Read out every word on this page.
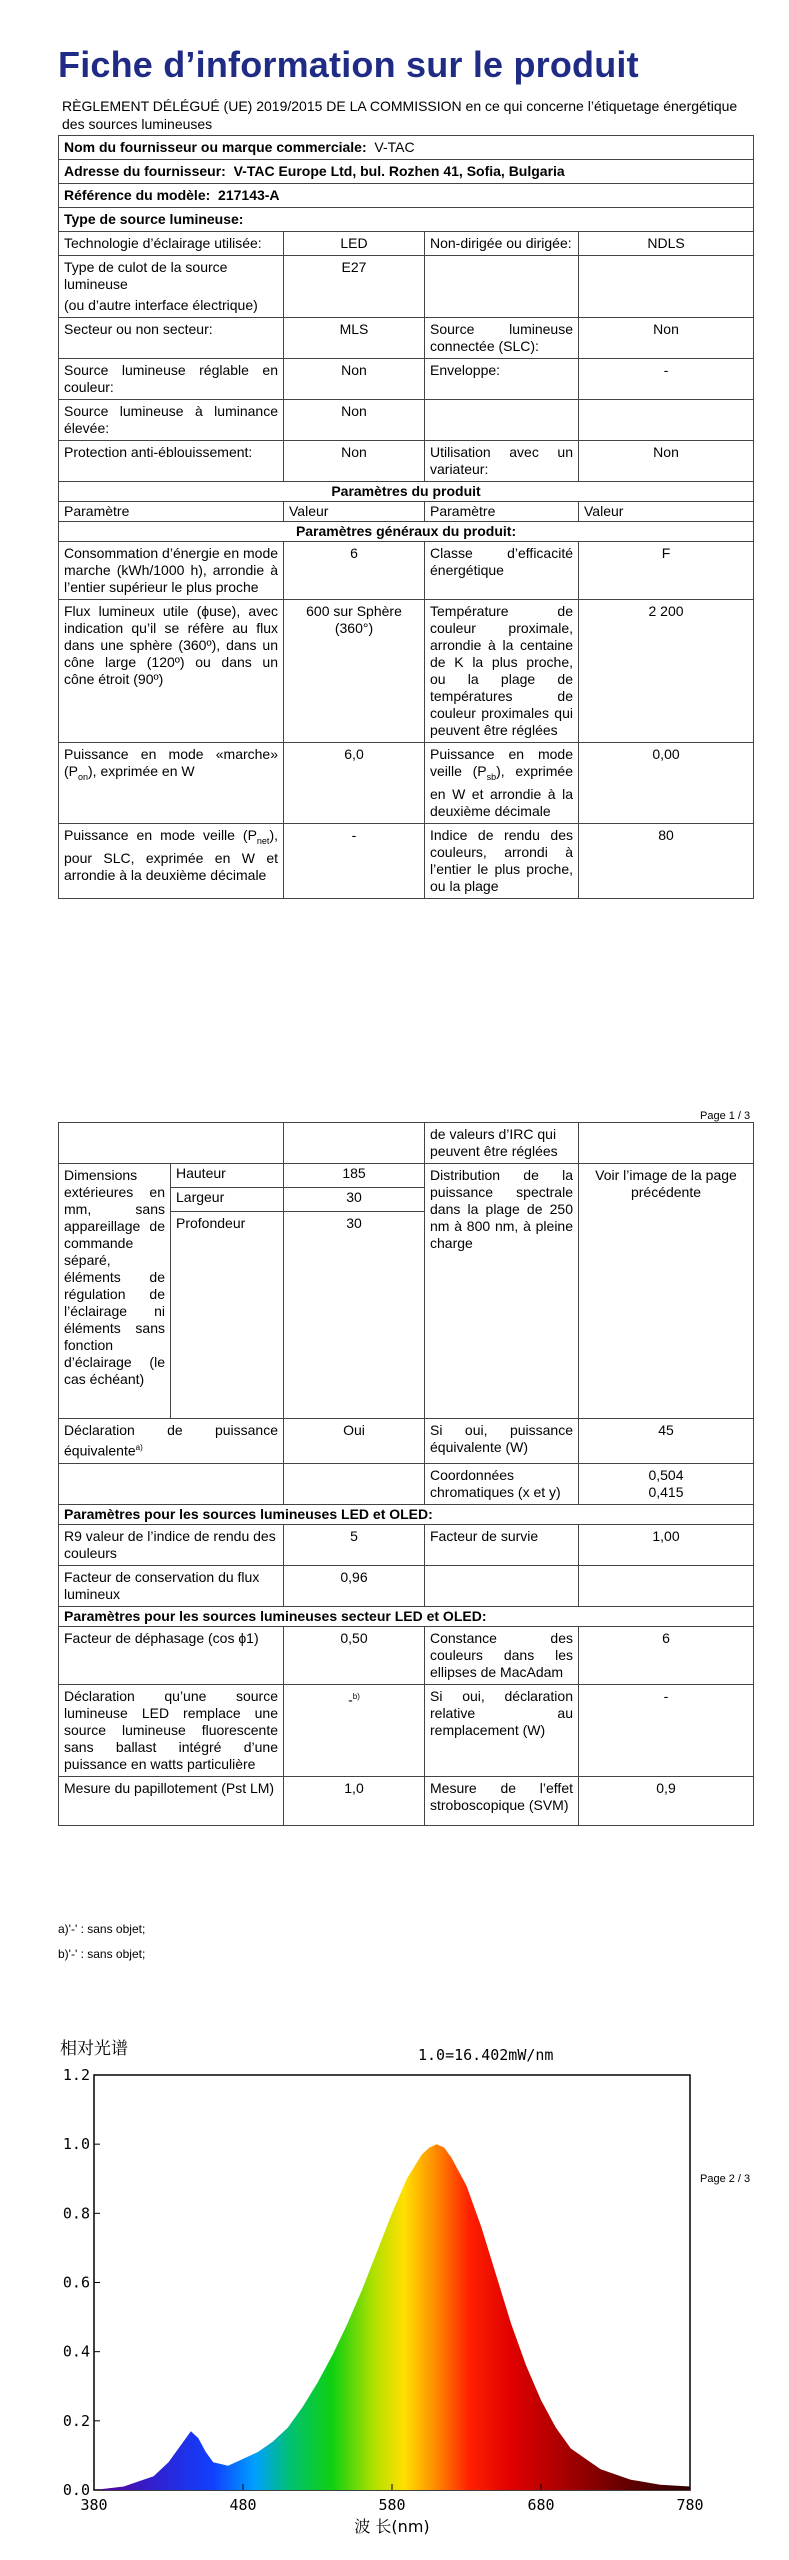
Fiche d’information sur le produit
RÈGLEMENT DÉLÉGUÉ (UE) 2019/2015 DE LA COMMISSION en ce qui concerne l’étiquetage énergétique des sources lumineuses
Nom du fournisseur ou marque commerciale: V-TAC			
Adresse du fournisseur: V-TAC Europe Ltd, bul. Rozhen 41, Sofia, Bulgaria			
Référence du modèle: 217143-A			
Type de source lumineuse:			
Technologie d’éclairage utilisée:	LED	Non-dirigée ou dirigée:	NDLS

Type de culot de la source lumineuse
(ou d’autre interface électrique)	E27		
Secteur ou non secteur:	MLS	Source lumineuse connectée (SLC):	Non
Source lumineuse réglable en couleur:	Non	Enveloppe:	-
Source lumineuse à luminance élevée:	Non		
Protection anti-éblouissement:	Non	Utilisation avec un variateur:	Non
Paramètres du produit			
Paramètre	Valeur	Paramètre	Valeur
Paramètres généraux du produit:			
Consommation d’énergie en mode marche (kWh/1000 h), arrondie à l’entier supérieur le plus proche	6	Classe d’efficacité énergétique	F
Flux lumineux utile (ɸuse), avec indication qu’il se réfère au flux dans une sphère (360º), dans un cône large (120º) ou dans un cône étroit (90º)	600 sur Sphère (360°)	Température de couleur proximale, arrondie à la centaine de K la plus proche, ou la plage de températures de couleur proximales qui peuvent être réglées	2 200
Puissance en mode «marche» $(P_{on})$, exprimée en W	6,0	Puissance en mode veille $(P_{sb})$, exprimée en W et arrondie à la deuxième décimale	0,00
Puissance en mode veille $(P_{net})$, pour SLC, exprimée en W et arrondie à la deuxième décimale	-	Indice de rendu des couleurs, arrondi à l’entier le plus proche, ou la plage	80
Page 1 / 3
			de valeurs d’IRC qui peuvent être réglées	
Dimensions extérieures en mm, sans appareillage de commande séparé, éléments de régulation de l’éclairage ni éléments sans fonction d’éclairage (le cas échéant)	Hauteur	185	Distribution de la puissance spectrale dans la plage de 250 nm à 800 nm, à pleine charge	Voir l’image de la page précédente
	Largeur	30		
	Profondeur	30		
Déclaration de puissance équivalente$^{a)}$		Oui	Si oui, puissance équivalente (W)	45
			Coordonnées chromatiques (x et y)	0,504
0,415

Paramètres pour les sources lumineuses LED et OLED:				
R9 valeur de l’indice de rendu des couleurs		5	Facteur de survie	1,00
Facteur de conservation du flux lumineux		0,96		
Paramètres pour les sources lumineuses secteur LED et OLED:				
Facteur de déphasage (cos ϕ1)		0,50	Constance des couleurs dans les ellipses de MacAdam	6
Déclaration qu’une source lumineuse LED remplace une source lumineuse fluorescente sans ballast intégré d’une puissance en watts particulière		-$^{b)}$	Si oui, déclaration relative au remplacement (W)	-
Mesure du papillotement (Pst LM)		1,0	Mesure de l’effet stroboscopique (SVM)	0,9
a)'-' : sans objet;
b)'-' : sans objet;
Page 2 / 3
0.0
0.2
0.4
0.6
0.8
1.0
1.2
380	480	580	680	780
相对光谱	1.0=16.402mW/nm
波 长(nm)
